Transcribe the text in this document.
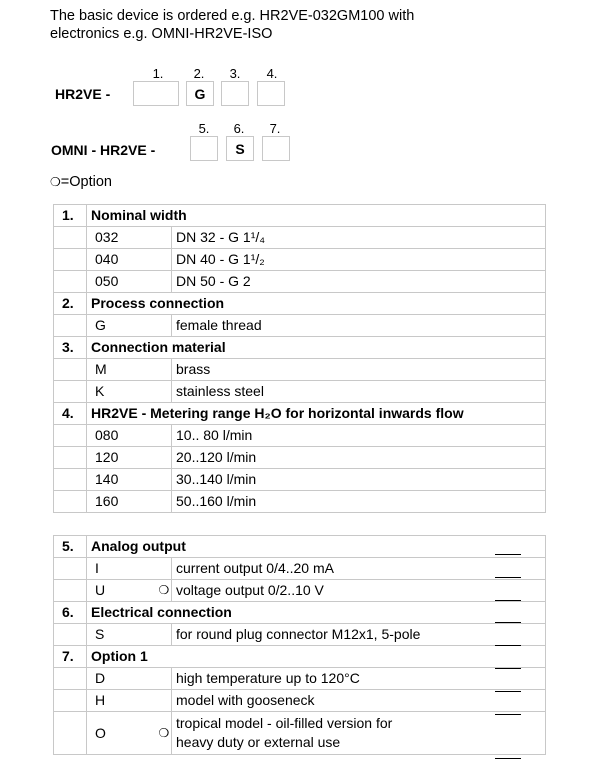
The basic device is ordered e.g. HR2VE-032GM100 with
electronics e.g. OMNI-HR2VE-ISO
1.	2.	3.	4.
HR2VE -	G
5.	6.	7.
OMNI - HR2VE -	S
❍=Option
1.	Nominal width		
	032		DN 32 - G 1¹/₄
	040		DN 40 - G 1¹/₂
	050		DN 50 - G 2
2.	Process connection		
	G		female thread
3.	Connection material		
	M		brass
	K		stainless steel
4.	HR2VE - Metering range H₂O for horizontal inwards flow		
	080		10.. 80 l/min
	120		20..120 l/min
	140		30..140 l/min
	160		50..160 l/min
5.	Analog output		
	I		current output 0/4..20 mA
	U	❍	voltage output 0/2..10 V
6.	Electrical connection		
	S		for round plug connector M12x1, 5-pole
7.	Option 1		
	D		high temperature up to 120°C
	H		model with gooseneck
	O	❍	tropical model - oil-filled version for
heavy duty or external use
